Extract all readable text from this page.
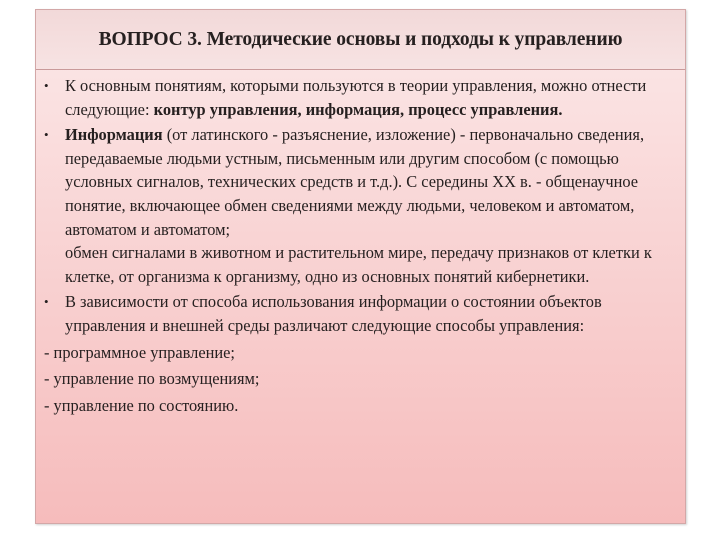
ВОПРОС 3. Методические основы и подходы к управлению
•	К основным понятиям, которыми пользуются в теории управления, можно отнести следующие: контур управления, информация, процесс управления.
•	Информация (от латинского - разъяснение, изложение) - первоначально сведения, передаваемые людьми устным, письменным или другим способом (с помощью условных сигналов, технических средств и т.д.). С середины XX в. - общенаучное понятие, включающее обмен сведениями между людьми, человеком и автоматом, автоматом и автоматом;
обмен сигналами в животном и растительном мире, передачу признаков от клетки к клетке, от организма к организму, одно из основных понятий кибернетики.
•	В зависимости от способа использования информации о состоянии объектов управления и внешней среды различают следующие способы управления:
- программное управление;
- управление по возмущениям;
- управление по состоянию.
